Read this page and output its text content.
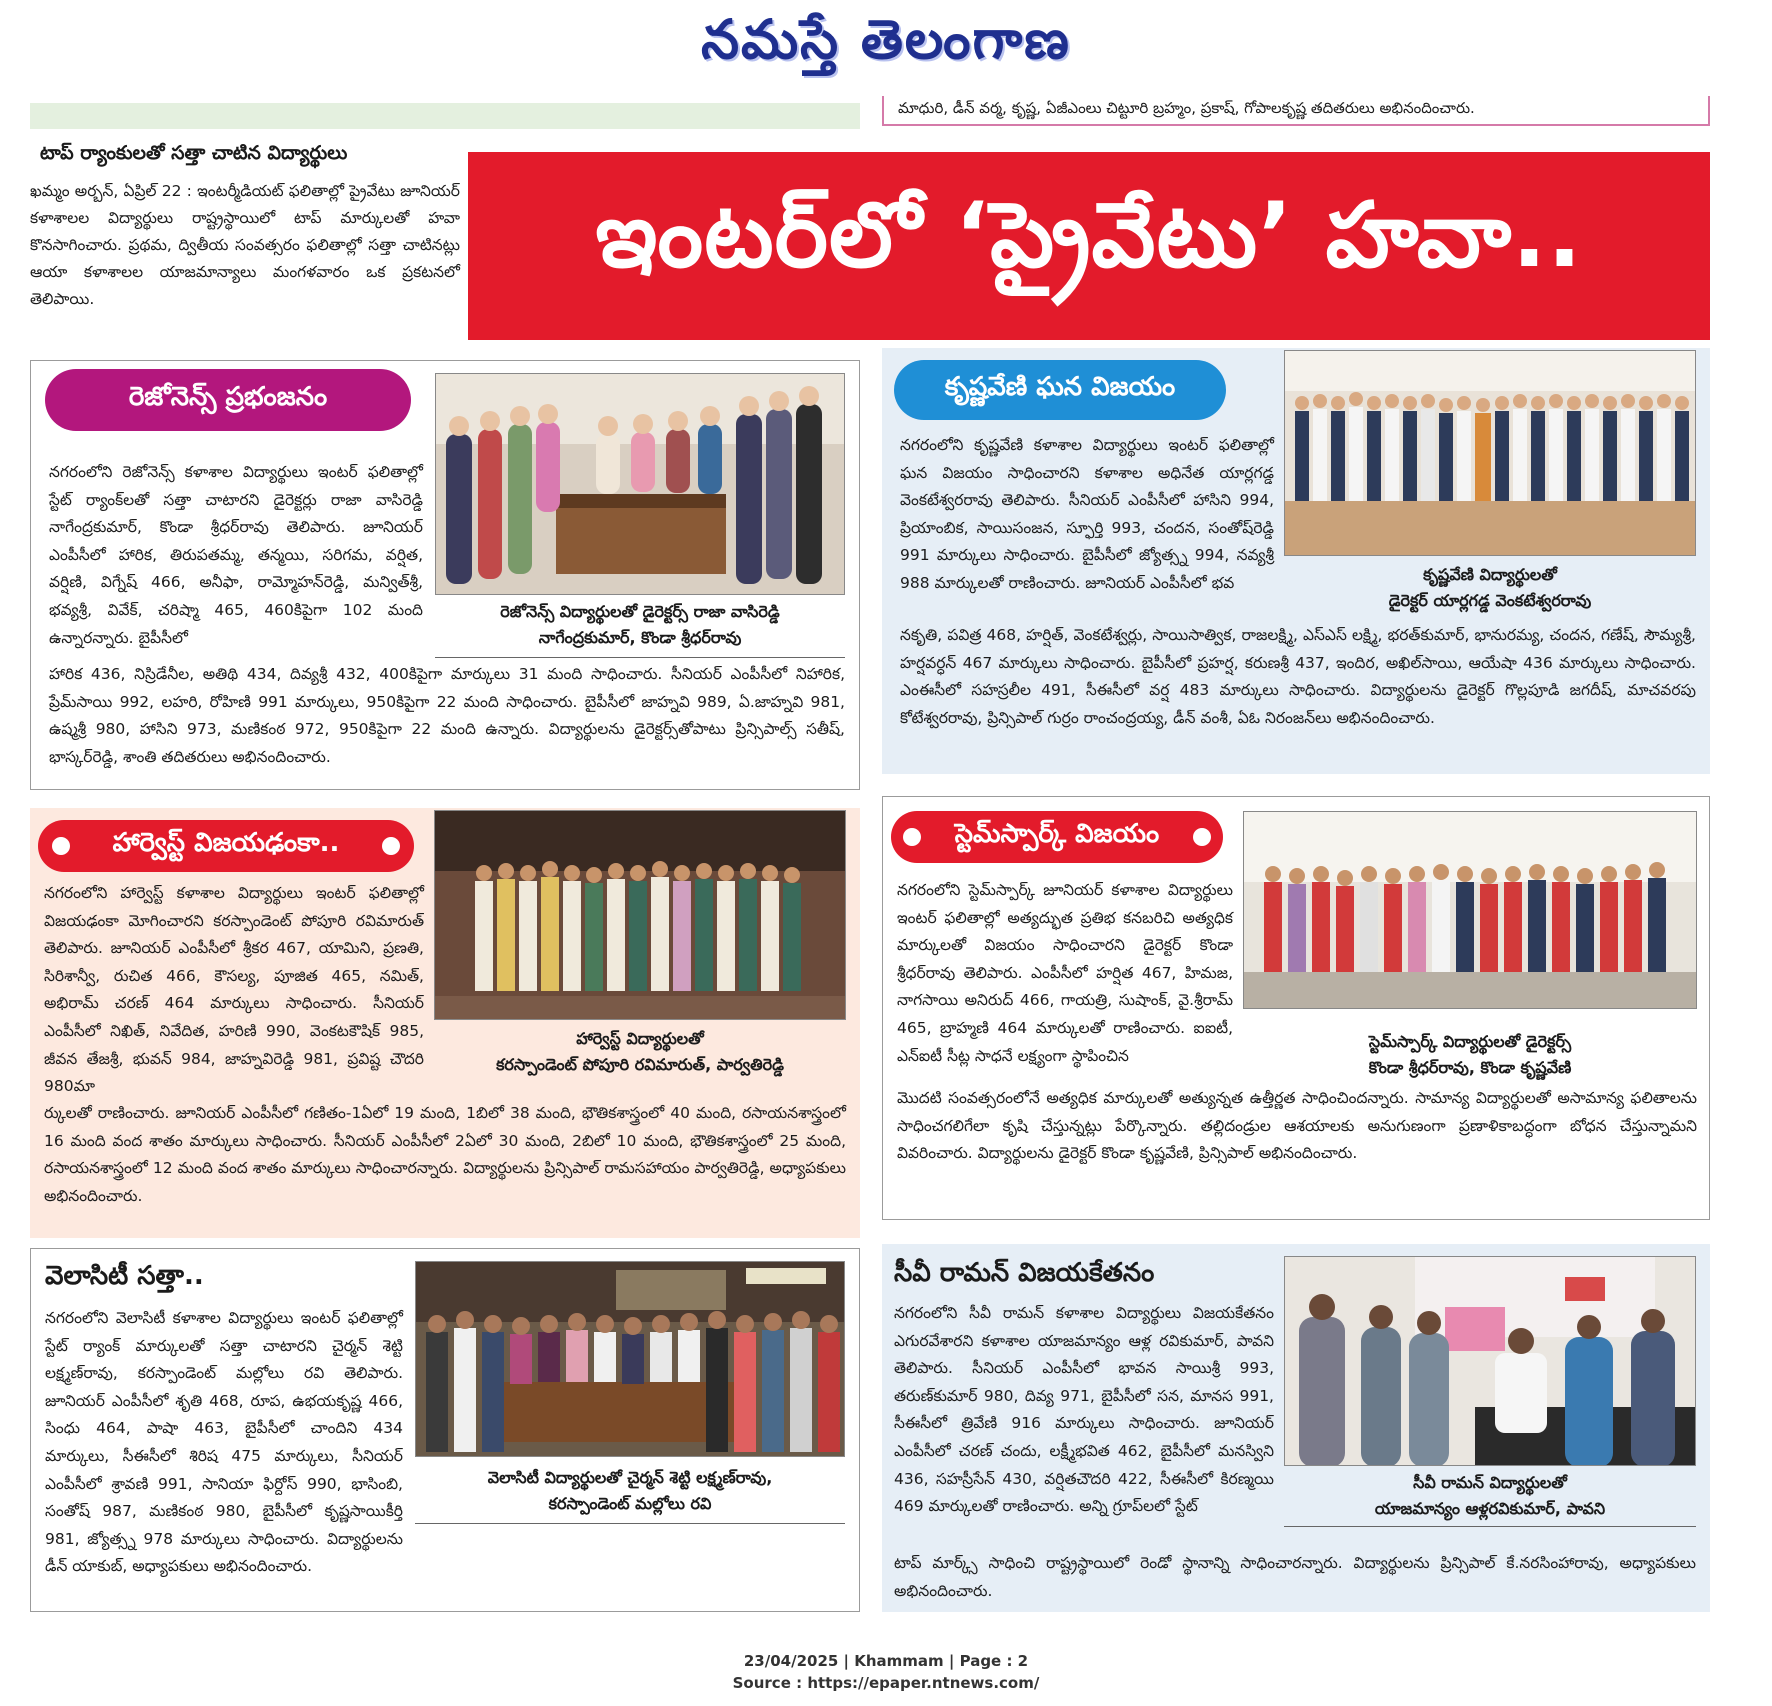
నమస్తే తెలంగాణ
మాధురి, డీన్ వర్మ, కృష్ణ, ఏజీఎంలు చిట్టూరి బ్రహ్మం, ప్రకాష్, గోపాలకృష్ణ తదితరులు అభినందించారు.
టాప్ ర్యాంకులతో సత్తా చాటిన విద్యార్థులు
ఖమ్మం అర్బన్, ఏప్రిల్ 22 : ఇంటర్మీడియట్ ఫలితాల్లో ప్రైవేటు జూనియర్ కళాశాలల విద్యార్థులు రాష్ట్రస్థాయిలో టాప్ మార్కులతో హవా కొనసాగించారు. ప్రథమ, ద్వితీయ సంవత్సరం ఫలితాల్లో సత్తా చాటినట్లు ఆయా కళాశాలల యాజమాన్యాలు మంగళవారం ఒక ప్రకటనలో తెలిపాయి.
ఇంటర్‌లో ‘ప్రైవేటు’ హవా..
రెజోనెన్స్ ప్రభంజనం
రెజోనెన్స్ విద్యార్థులతో డైరెక్టర్స్ రాజా వాసిరెడ్డి
నాగేంద్రకుమార్, కొండా శ్రీధర్‌రావు
నగరంలోని రెజోనెన్స్ కళాశాల విద్యార్థులు ఇంటర్ ఫలితాల్లో స్టేట్ ర్యాంక్‌లతో సత్తా చాటారని డైరెక్టర్లు రాజా వాసిరెడ్డి నాగేంద్రకుమార్, కొండా శ్రీధర్‌రావు తెలిపారు. జూనియర్ ఎంపీసీలో హారిక, తిరుపతమ్మ, తన్మయి, సరిగమ, వర్షిత, వర్షిణి, విగ్నేష్ 466, అనీఫా, రామ్మోహన్‌రెడ్డి, మన్విత్‌శ్రీ, భవ్యశ్రీ, వివేక్, చరిష్మా 465, 460కిపైగా 102 మంది ఉన్నారన్నారు. బైపీసీలో
హారిక 436, నిస్రిడేనీల, అతిథి 434, దివ్యశ్రీ 432, 400కిపైగా మార్కులు 31 మంది సాధించారు. సీనియర్ ఎంపీసీలో నిహారిక, ప్రేమ్‌సాయి 992, లహరి, రోహిణి 991 మార్కులు, 950కిపైగా 22 మంది సాధించారు. బైపీసీలో జాహ్నవి 989, ఏ.జాహ్నవి 981, ఉష్మశ్రీ 980, హాసిని 973, మణికంఠ 972, 950కిపైగా 22 మంది ఉన్నారు. విద్యార్థులను డైరెక్టర్స్‌తోపాటు ప్రిన్సిపాల్స్ సతీష్, భాస్కర్‌రెడ్డి, శాంతి తదితరులు అభినందించారు.
కృష్ణవేణి ఘన విజయం
కృష్ణవేణి విద్యార్థులతో
డైరెక్టర్ యార్లగడ్డ వెంకటేశ్వరరావు
నగరంలోని కృష్ణవేణి కళాశాల విద్యార్థులు ఇంటర్ ఫలితాల్లో ఘన విజయం సాధించారని కళాశాల అధినేత యార్లగడ్డ వెంకటేశ్వరరావు తెలిపారు. సీనియర్ ఎంపీసీలో హాసిని 994, ప్రియాంబిక, సాయిసంజన, స్ఫూర్తి 993, చందన, సంతోష్‌రెడ్డి 991 మార్కులు సాధించారు. బైపీసీలో జ్యోత్స్న 994, నవ్యశ్రీ 988 మార్కులతో రాణించారు. జూనియర్ ఎంపీసీలో భవ
నకృతి, పవిత్ర 468, హర్షిత్, వెంకటేశ్వర్లు, సాయిసాత్విక, రాజలక్ష్మి, ఎస్‌ఎస్ లక్ష్మి, భరత్‌కుమార్, భానురమ్య, చందన, గణేష్, సౌమ్యశ్రీ, హర్షవర్ధన్ 467 మార్కులు సాధించారు. బైపీసీలో ప్రహర్ష, కరుణశ్రీ 437, ఇందిర, అఖిల్‌సాయి, ఆయేషా 436 మార్కులు సాధించారు. ఎంఈసీలో సహస్రలీల 491, సీఈసీలో వర్ష 483 మార్కులు సాధించారు. విద్యార్థులను డైరెక్టర్ గొల్లపూడి జగదీష్, మాచవరపు కోటేశ్వరరావు, ప్రిన్సిపాల్ గుర్రం రాంచంద్రయ్య, డీన్ వంశీ, ఏఓ నిరంజన్‌లు అభినందించారు.
హార్వెస్ట్ విజయఢంకా..
హార్వెస్ట్ విద్యార్థులతో
కరస్పాండెంట్ పోపూరి రవిమారుత్, పార్వతిరెడ్డి
నగరంలోని హార్వెస్ట్ కళాశాల విద్యార్థులు ఇంటర్ ఫలితాల్లో విజయఢంకా మోగించారని కరస్పాండెంట్ పోపూరి రవిమారుత్ తెలిపారు. జూనియర్ ఎంపీసీలో శ్రీకర 467, యామిని, ప్రణతి, సిరిశాన్వీ, రుచిత 466, కౌసల్య, పూజిత 465, నమిత్, అభిరామ్ చరణ్ 464 మార్కులు సాధించారు. సీనియర్ ఎంపీసీలో నిఖిత్, నివేదిత, హరిణి 990, వెంకటకౌషిక్ 985, జీవన తేజశ్రీ, భువన్ 984, జాహ్నవిరెడ్డి 981, ప్రవిష్ట చౌదరి 980మా
ర్కులతో రాణించారు. జూనియర్ ఎంపీసీలో గణితం-1ఏలో 19 మంది, 1బిలో 38 మంది, భౌతికశాస్త్రంలో 40 మంది, రసాయనశాస్త్రంలో 16 మంది వంద శాతం మార్కులు సాధించారు. సీనియర్ ఎంపీసీలో 2ఏలో 30 మంది, 2బిలో 10 మంది, భౌతికశాస్త్రంలో 25 మంది, రసాయనశాస్త్రంలో 12 మంది వంద శాతం మార్కులు సాధించారన్నారు. విద్యార్థులను ప్రిన్సిపాల్ రామసహాయం పార్వతిరెడ్డి, అధ్యాపకులు అభినందించారు.
స్టెమ్‌స్పార్క్ విజయం
స్టెమ్‌స్పార్క్ విద్యార్థులతో డైరెక్టర్స్
కొండా శ్రీధర్‌రావు, కొండా కృష్ణవేణి
నగరంలోని స్టెమ్‌స్పార్క్ జూనియర్ కళాశాల విద్యార్థులు ఇంటర్ ఫలితాల్లో అత్యద్భుత ప్రతిభ కనబరిచి అత్యధిక మార్కులతో విజయం సాధించారని డైరెక్టర్ కొండా శ్రీధర్‌రావు తెలిపారు. ఎంపీసీలో హర్షిత 467, హిమజ, నాగసాయి అనిరుద్ 466, గాయత్రి, సుషాంక్, వై.శ్రీరామ్ 465, బ్రాహ్మణి 464 మార్కులతో రాణించారు. ఐఐటీ, ఎన్ఐటీ సీట్ల సాధనే లక్ష్యంగా స్థాపించిన
మొదటి సంవత్సరంలోనే అత్యధిక మార్కులతో అత్యున్నత ఉత్తీర్ణత సాధించిందన్నారు. సామాన్య విద్యార్థులతో అసామాన్య ఫలితాలను సాధించగలిగేలా కృషి చేస్తున్నట్లు పేర్కొన్నారు. తల్లిదండ్రుల ఆశయాలకు అనుగుణంగా ప్రణాళికాబద్ధంగా బోధన చేస్తున్నామని వివరించారు. విద్యార్థులను డైరెక్టర్ కొండా కృష్ణవేణి, ప్రిన్సిపాల్ అభినందించారు.
వెలాసిటీ సత్తా..
వెలాసిటీ విద్యార్థులతో చైర్మన్ శెట్టి లక్ష్మణ్‌రావు,
కరస్పాండెంట్ మల్లోలు రవి
నగరంలోని వెలాసిటీ కళాశాల విద్యార్థులు ఇంటర్ ఫలితాల్లో స్టేట్ ర్యాంక్ మార్కులతో సత్తా చాటారని చైర్మన్ శెట్టి లక్ష్మణ్‌రావు, కరస్పాండెంట్ మల్లోలు రవి తెలిపారు. జూనియర్ ఎంపీసీలో శృతి 468, రూప, ఉభయకృష్ణ 466, సింధు 464, పాషా 463, బైపీసీలో చాందిని 434 మార్కులు, సీఈసీలో శిరిష 475 మార్కులు, సీనియర్ ఎంపీసీలో శ్రావణి 991, సానియా ఫిర్దోస్ 990, భాసింబి, సంతోష్ 987, మణికంఠ 980, బైపీసీలో కృష్ణసాయికీర్తి 981, జ్యోత్స్న 978 మార్కులు సాధించారు. విద్యార్థులను డీన్ యాకుబ్, అధ్యాపకులు అభినందించారు.
సీవీ రామన్ విజయకేతనం
సీవీ రామన్ విద్యార్థులతో
యాజమాన్యం ఆళ్లరవికుమార్, పావని
నగరంలోని సీవీ రామన్ కళాశాల విద్యార్థులు విజయకేతనం ఎగురవేశారని కళాశాల యాజమాన్యం ఆళ్ల రవికుమార్, పావని తెలిపారు. సీనియర్ ఎంపీసీలో భావన సాయిశ్రీ 993, తరుణ్‌కుమార్ 980, దివ్య 971, బైపీసీలో సన, మానస 991, సీఈసీలో త్రివేణి 916 మార్కులు సాధించారు. జూనియర్ ఎంపీసీలో చరణ్ చందు, లక్ష్మీభవిత 462, బైపీసీలో మనస్విని 436, సహస్రీసేన్ 430, వర్షితచౌదరి 422, సీఈసీలో కిరణ్మయి 469 మార్కులతో రాణించారు. అన్ని గ్రూప్‌లలో స్టేట్
టాప్ మార్క్స్ సాధించి రాష్ట్రస్థాయిలో రెండో స్థానాన్ని సాధించారన్నారు. విద్యార్థులను ప్రిన్సిపాల్ కే.నరసింహారావు, అధ్యాపకులు అభినందించారు.
23/04/2025 | Khammam | Page : 2
Source : https://epaper.ntnews.com/
